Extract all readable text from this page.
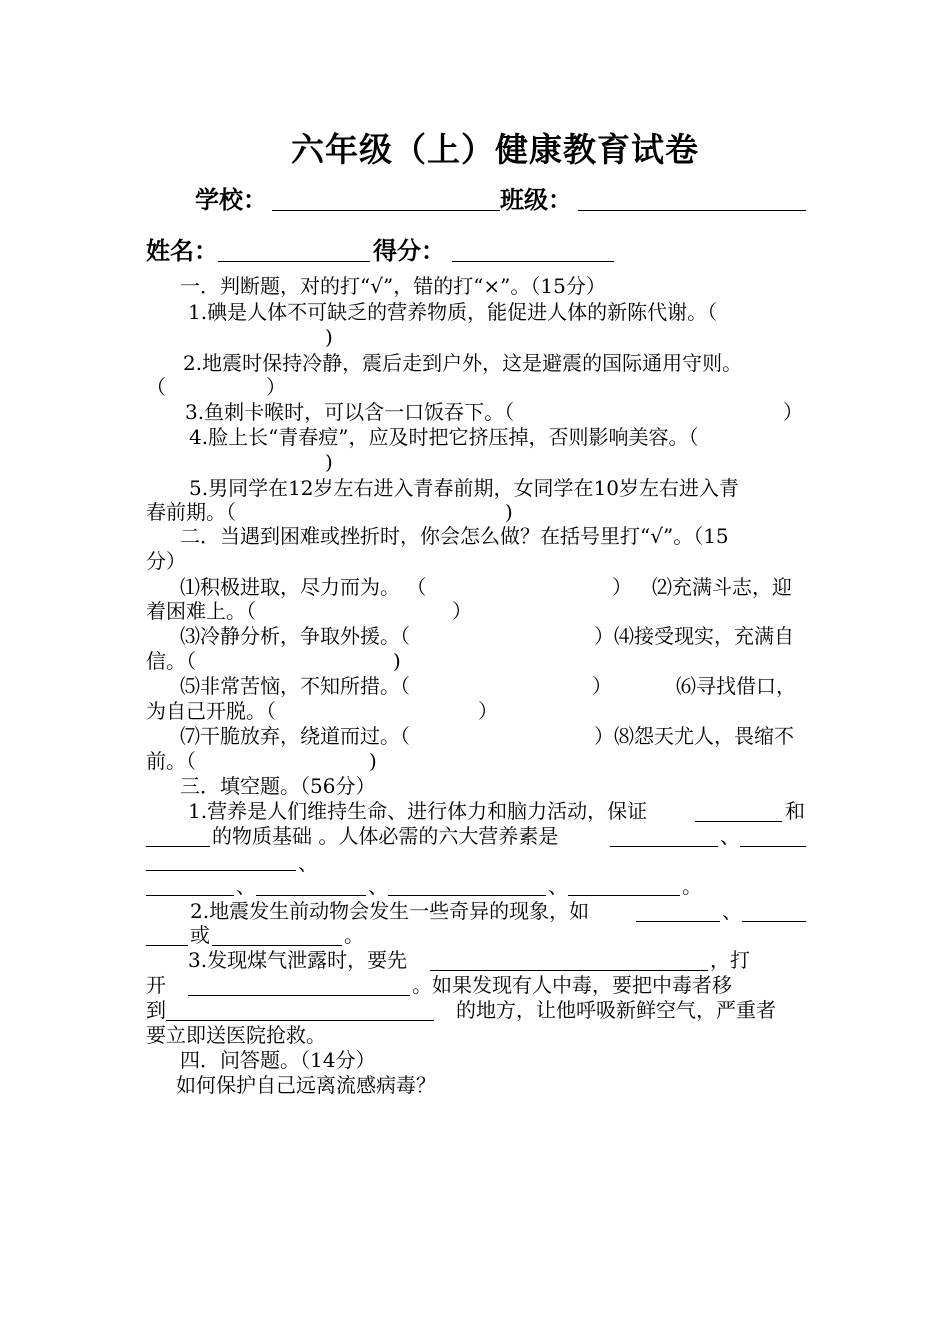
六年级（上）健康教育试卷
学校：	班级：
姓名：	得分：
一．判断题，对的打“√”，错的打“×”。（15分）
1.碘是人体不可缺乏的营养物质，能促进人体的新陈代谢。（
)
2.地震时保持冷静，震后走到户外，这是避震的国际通用守则。
（　　　　　）
3.鱼刺卡喉时，可以含一口饭吞下。（	）
4.脸上长“青春痘”，应及时把它挤压掉，否则影响美容。（
)
5.男同学在12岁左右进入青春前期，女同学在10岁左右进入青
春前期。（	)
二．当遇到困难或挫折时，你会怎么做？在括号里打“√”。（15
分）
⑴积极进取，尽力而为。 （	） ⑵充满斗志，迎
着困难上。（	）
⑶冷静分析，争取外援。（	）⑷接受现实，充满自
信。（	)
⑸非常苦恼，不知所措。（	）	⑹寻找借口，
为自己开脱。（	）
⑺干脆放弃，绕道而过。（	）⑻怨天尤人，畏缩不
前。（	)
三．填空题。（56分）
1.营养是人们维持生命、进行体力和脑力活动，保证	和
的物质基础 。人体必需的六大营养素是	、
、
、	、	、	。
2.地震发生前动物会发生一些奇异的现象，如	、
或	。
3.发现煤气泄露时，要先	，打
开	。如果发现有人中毒，要把中毒者移
到	的地方，让他呼吸新鲜空气，严重者
要立即送医院抢救。
四．问答题。（14分）
如何保护自己远离流感病毒？
